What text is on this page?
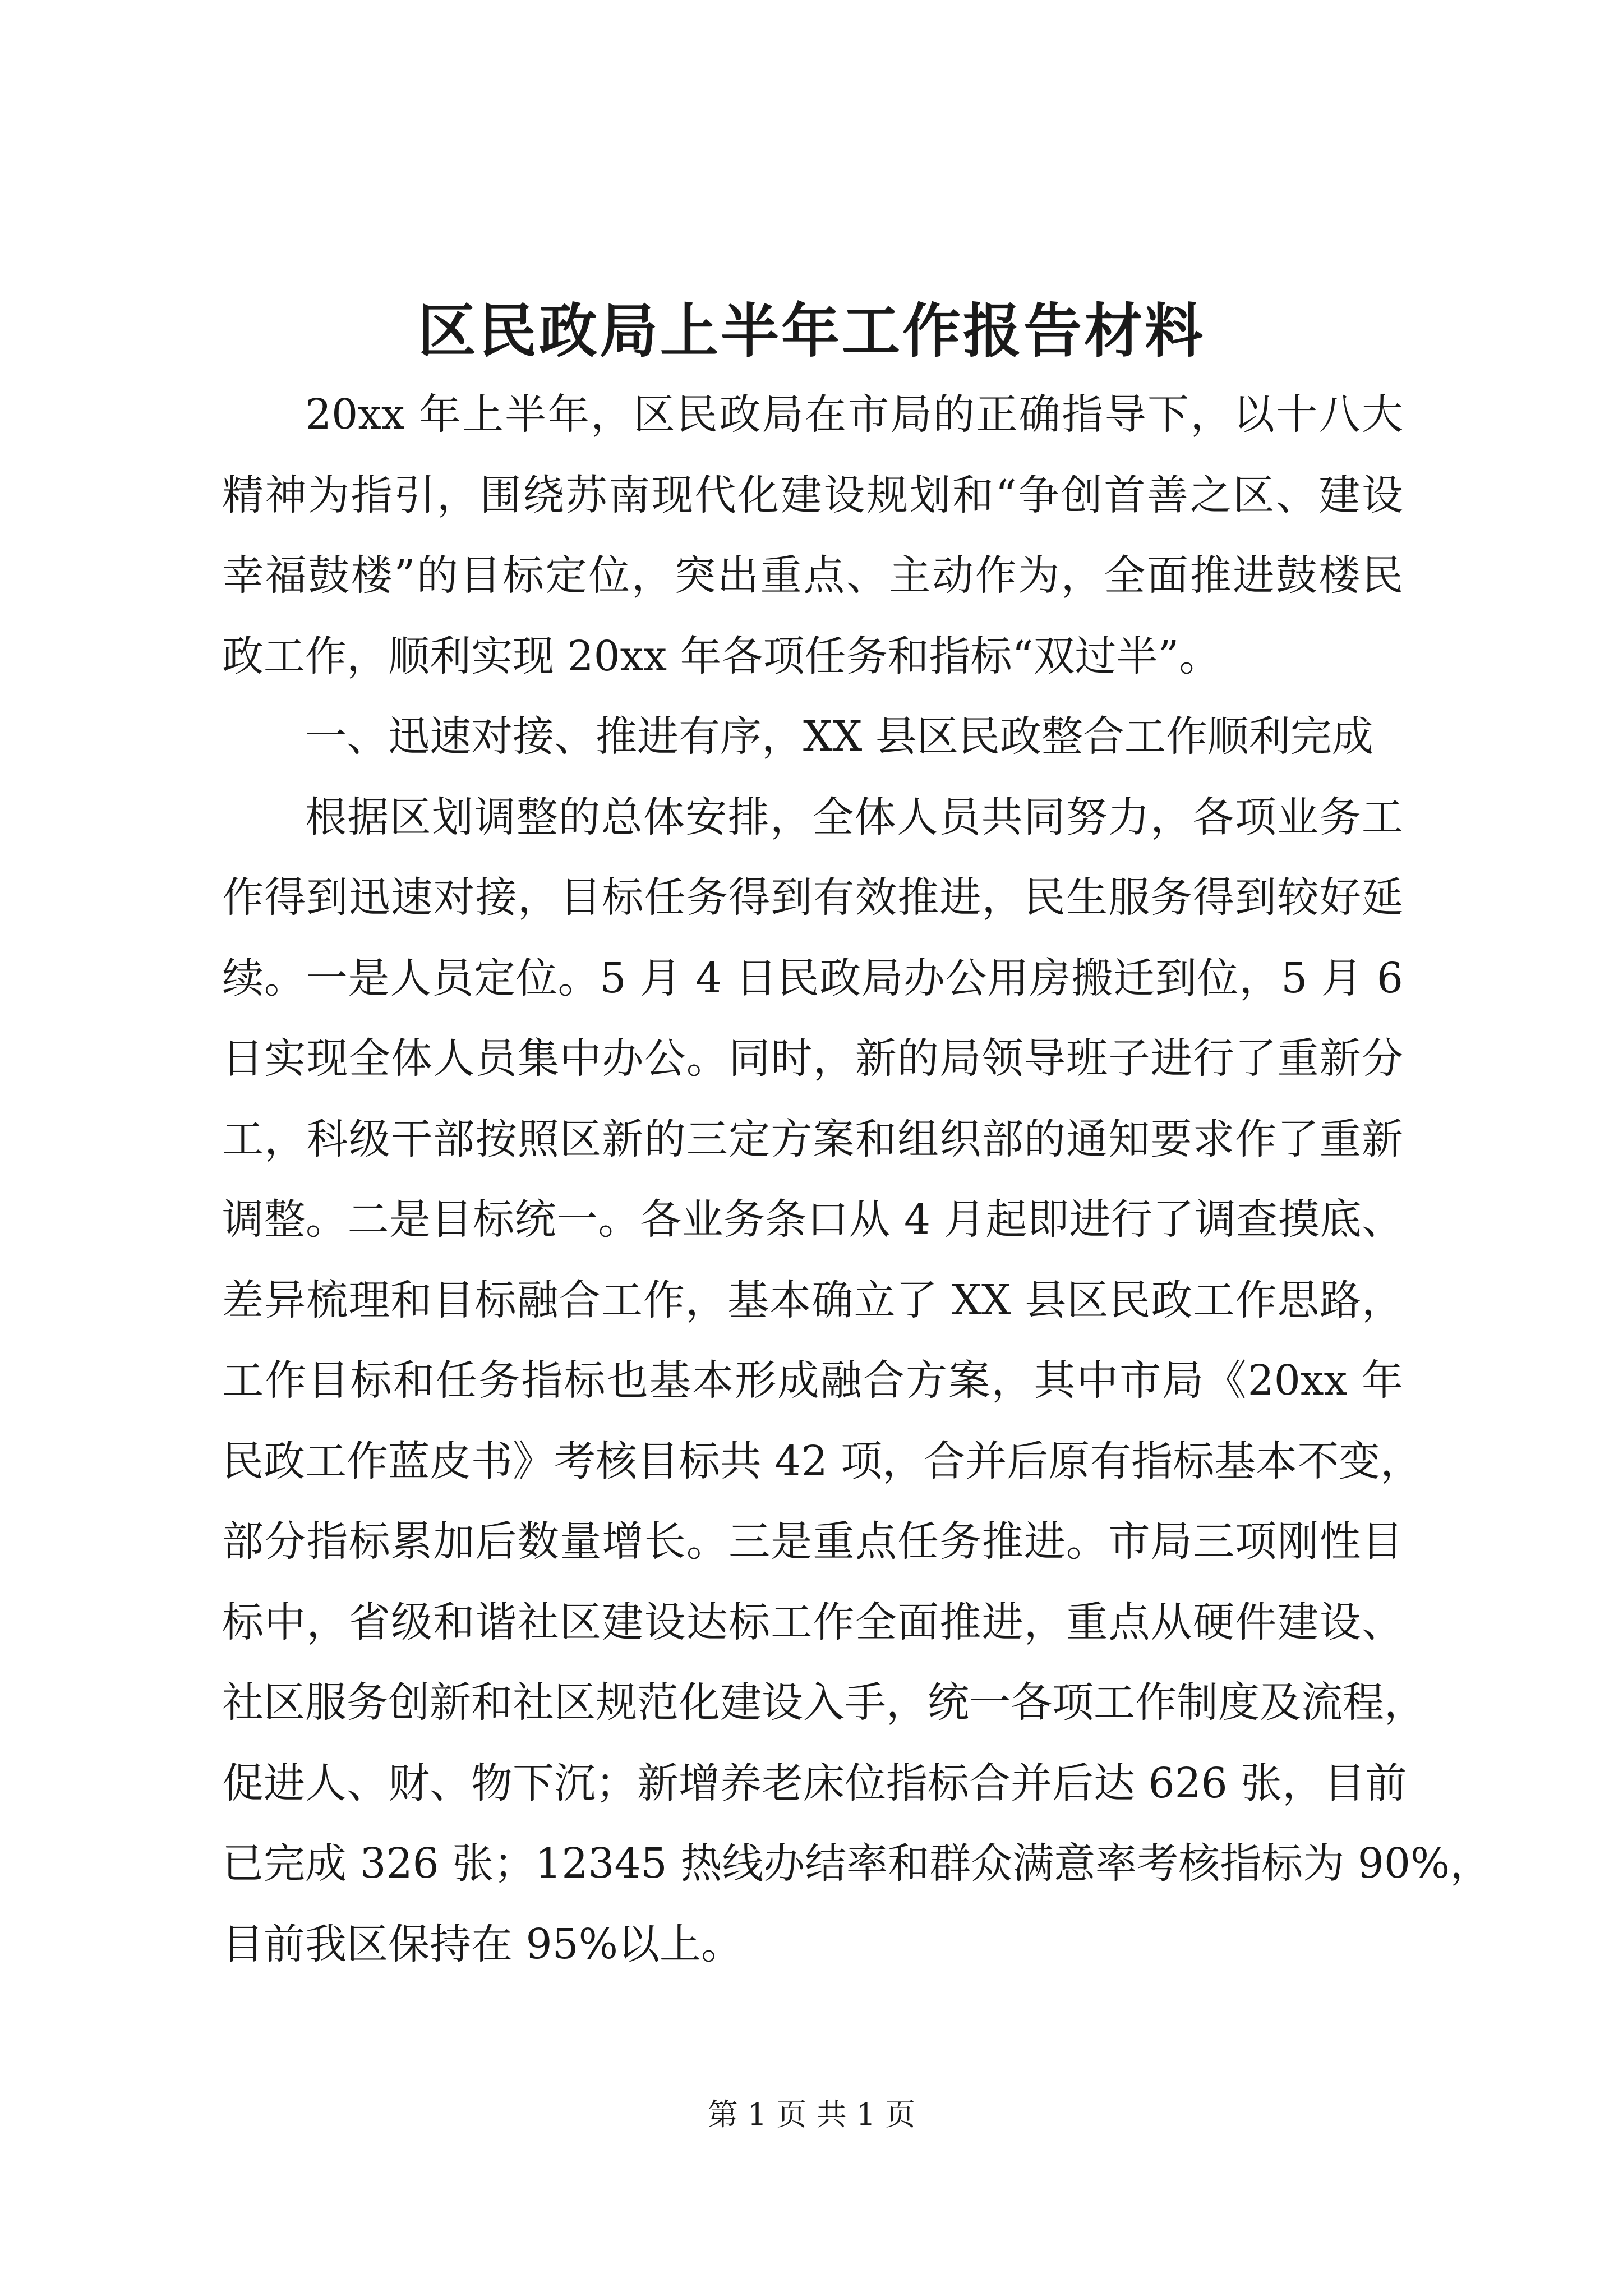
区民政局上半年工作报告材料
20xx 年上半年，区民政局在市局的正确指导下，以十八大
精神为指引，围绕苏南现代化建设规划和“争创首善之区、建设
幸福鼓楼”的目标定位，突出重点、主动作为，全面推进鼓楼民
政工作，顺利实现 20xx 年各项任务和指标“双过半”。
一、迅速对接、推进有序，XX 县区民政整合工作顺利完成
根据区划调整的总体安排，全体人员共同努力，各项业务工
作得到迅速对接，目标任务得到有效推进，民生服务得到较好延
续。一是人员定位。5 月 4 日民政局办公用房搬迁到位，5 月 6
日实现全体人员集中办公。同时，新的局领导班子进行了重新分
工，科级干部按照区新的三定方案和组织部的通知要求作了重新
调整。二是目标统一。各业务条口从 4 月起即进行了调查摸底、
差异梳理和目标融合工作，基本确立了 XX 县区民政工作思路，
工作目标和任务指标也基本形成融合方案，其中市局《20xx 年
民政工作蓝皮书》考核目标共 42 项，合并后原有指标基本不变，
部分指标累加后数量增长。三是重点任务推进。市局三项刚性目
标中，省级和谐社区建设达标工作全面推进，重点从硬件建设、
社区服务创新和社区规范化建设入手，统一各项工作制度及流程，
促进人、财、物下沉；新增养老床位指标合并后达 626 张，目前
已完成 326 张；12345 热线办结率和群众满意率考核指标为 90%，
目前我区保持在 95%以上。

第 1 页 共 1 页
